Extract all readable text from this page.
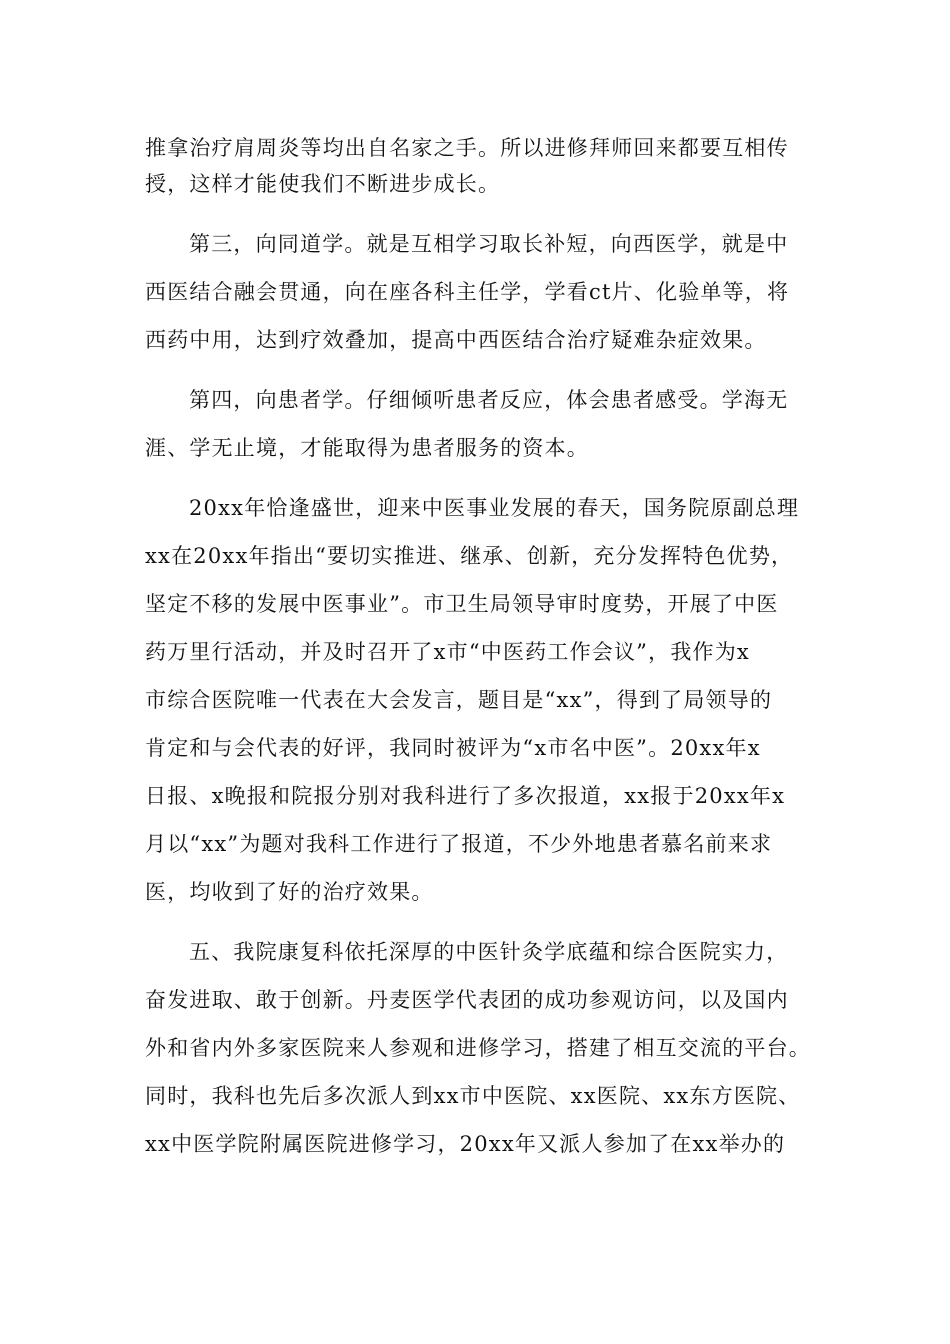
推拿治疗肩周炎等均出自名家之手。所以进修拜师回来都要互相传
授，这样才能使我们不断进步成长。
第三，向同道学。就是互相学习取长补短，向西医学，就是中
西医结合融会贯通，向在座各科主任学，学看ct片、化验单等，将
西药中用，达到疗效叠加，提高中西医结合治疗疑难杂症效果。
第四，向患者学。仔细倾听患者反应，体会患者感受。学海无
涯、学无止境，才能取得为患者服务的资本。
20xx年恰逢盛世，迎来中医事业发展的春天，国务院原副总理
xx在20xx年指出“要切实推进、继承、创新，充分发挥特色优势，
坚定不移的发展中医事业”。市卫生局领导审时度势，开展了中医
药万里行活动，并及时召开了x市“中医药工作会议”，我作为x
市综合医院唯一代表在大会发言，题目是“xx”，得到了局领导的
肯定和与会代表的好评，我同时被评为“x市名中医”。20xx年x
日报、x晚报和院报分别对我科进行了多次报道，xx报于20xx年x
月以“xx”为题对我科工作进行了报道，不少外地患者慕名前来求
医，均收到了好的治疗效果。
五、我院康复科依托深厚的中医针灸学底蕴和综合医院实力，
奋发进取、敢于创新。丹麦医学代表团的成功参观访问，以及国内
外和省内外多家医院来人参观和进修学习，搭建了相互交流的平台。
同时，我科也先后多次派人到xx市中医院、xx医院、xx东方医院、
xx中医学院附属医院进修学习，20xx年又派人参加了在xx举办的
